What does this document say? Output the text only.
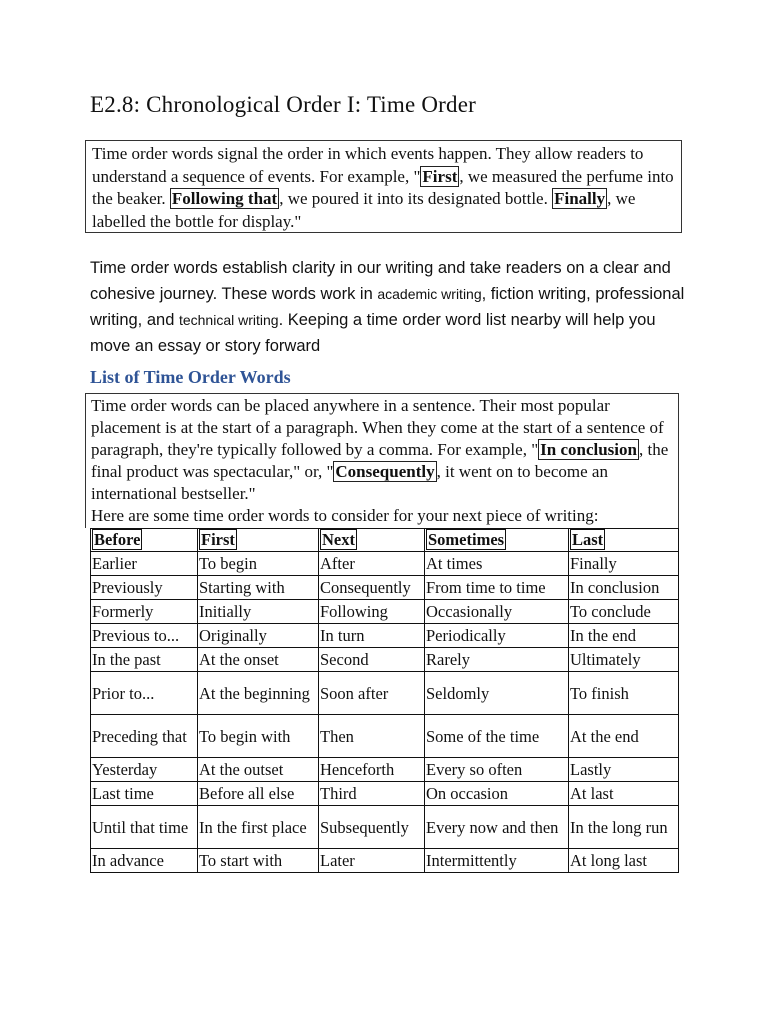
E2.8: Chronological Order I: Time Order
Time order words signal the order in which events happen. They allow readers to understand a sequence of events. For example, " First , we measured the perfume into the beaker. Following that , we poured it into its designated bottle. Finally , we labelled the bottle for display."

Time order words establish clarity in our writing and take readers on a clear and cohesive journey. These words work in academic writing, fiction writing, professional writing, and technical writing. Keeping a time order word list nearby will help you move an essay or story forward

List of Time Order Words
Time order words can be placed anywhere in a sentence. Their most popular placement is at the start of a paragraph. When they come at the start of a sentence of paragraph, they're typically followed by a comma. For example, " In conclusion , the final product was spectacular," or, " Consequently , it went on to become an international bestseller."
Here are some time order words to consider for your next piece of writing:
Before	First	Next	Sometimes	Last
Earlier	To begin	After	At times	Finally
Previously	Starting with	Consequently	From time to time	In conclusion
Formerly	Initially	Following	Occasionally	To conclude
Previous to...	Originally	In turn	Periodically	In the end
In the past	At the onset	Second	Rarely	Ultimately
Prior to...	At the beginning	Soon after	Seldomly	To finish
Preceding that	To begin with	Then	Some of the time	At the end
Yesterday	At the outset	Henceforth	Every so often	Lastly
Last time	Before all else	Third	On occasion	At last
Until that time	In the first place	Subsequently	Every now and then	In the long run
In advance	To start with	Later	Intermittently	At long last
